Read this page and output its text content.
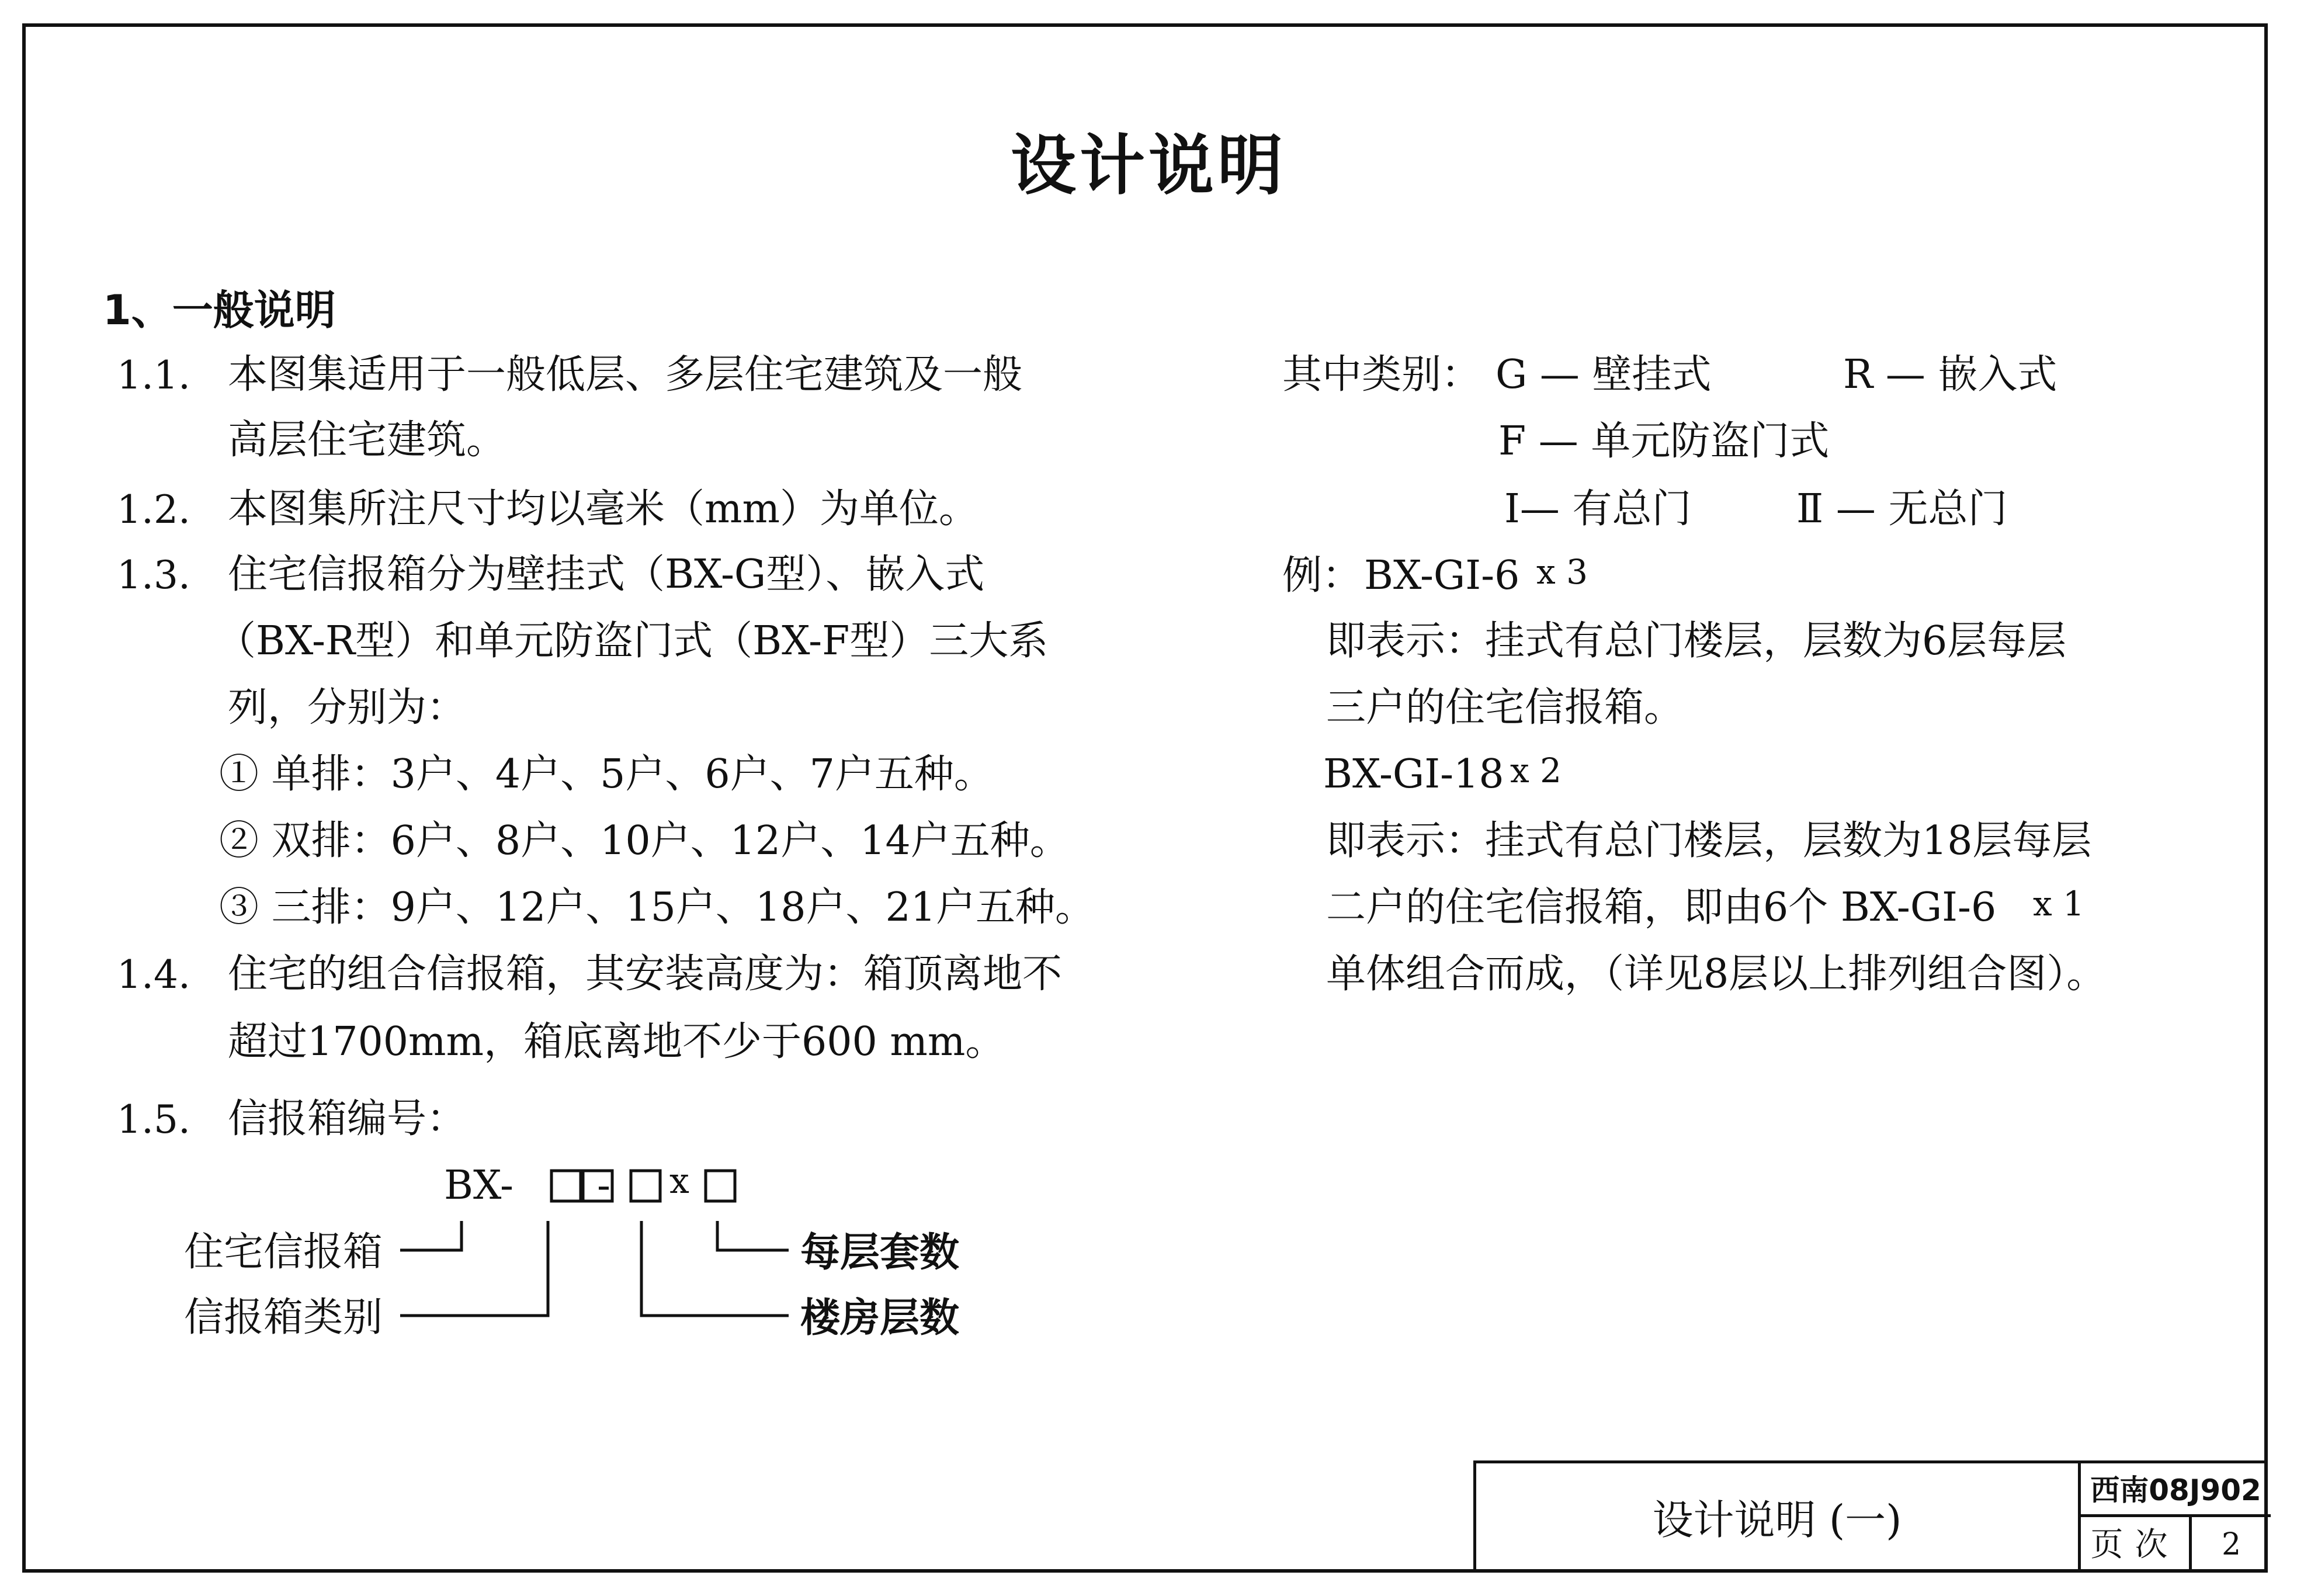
设计说明
1、一般说明
1.1. 本图集适用于一般低层、多层住宅建筑及一般
高层住宅建筑。
1.2. 本图集所注尺寸均以毫米（mm）为单位。
1.3. 住宅信报箱分为壁挂式（BX-G型）、嵌入式
（BX-R型）和单元防盗门式（BX-F型）三大系
列，分别为：
① 单排：3户、4户、5户、6户、7户五种。
② 双排：6户、8户、10户、12户、14户五种。
③ 三排：9户、12户、15户、18户、21户五种。
1.4. 住宅的组合信报箱，其安装高度为：箱顶离地不
超过1700mm，箱底离地不少于600 mm。
1.5. 信报箱编号：
BX- - x
住宅信报箱
信报箱类别
每层套数
楼房层数
其中类别： G — 壁挂式	R — 嵌入式
F — 单元防盗门式
Ⅰ— 有总门	Ⅱ — 无总门
例： BX-GI-6 x 3
即表示：挂式有总门楼层，层数为6层每层
三户的住宅信报箱。
BX-GI-18 x 2
即表示：挂式有总门楼层，层数为18层每层
二户的住宅信报箱，即由6个 BX-GI-6 x 1
单体组合而成，（详见8层以上排列组合图）。
设计说明 (一)
西南08J902
页次	2
